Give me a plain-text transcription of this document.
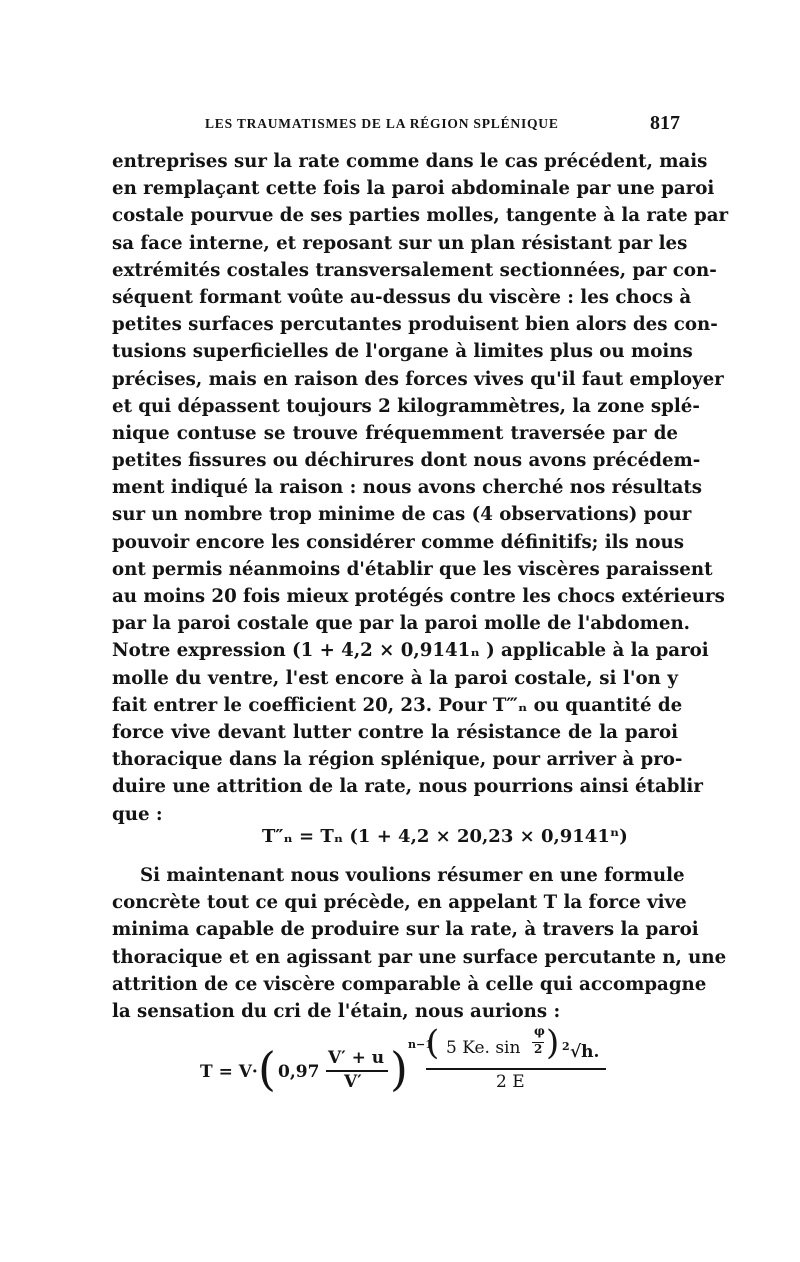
LES TRAUMATISMES DE LA RÉGION SPLÉNIQUE	817
entreprises sur la rate comme dans le cas précédent, mais
en remplaçant cette fois la paroi abdominale par une paroi
costale pourvue de ses parties molles, tangente à la rate par
sa face interne, et reposant sur un plan résistant par les
extrémités costales transversalement sectionnées, par con-
séquent formant voûte au-dessus du viscère : les chocs à
petites surfaces percutantes produisent bien alors des con-
tusions superficielles de l'organe à limites plus ou moins
précises, mais en raison des forces vives qu'il faut employer
et qui dépassent toujours 2 kilogrammètres, la zone splé-
nique contuse se trouve fréquemment traversée par de
petites fissures ou déchirures dont nous avons précédem-
ment indiqué la raison : nous avons cherché nos résultats
sur un nombre trop minime de cas (4 observations) pour
pouvoir encore les considérer comme définitifs; ils nous
ont permis néanmoins d'établir que les viscères paraissent
au moins 20 fois mieux protégés contre les chocs extérieurs
par la paroi costale que par la paroi molle de l'abdomen.
Notre expression (1 + 4,2 × 0,9141ₙ ) applicable à la paroi
molle du ventre, l'est encore à la paroi costale, si l'on y
fait entrer le coefficient 20, 23. Pour T‴ₙ ou quantité de
force vive devant lutter contre la résistance de la paroi
thoracique dans la région splénique, pour arriver à pro-
duire une attrition de la rate, nous pourrions ainsi établir
que :
T″ₙ = Tₙ (1 + 4,2 × 20,23 × 0,9141ⁿ)
Si maintenant nous voulions résumer en une formule
concrète tout ce qui précède, en appelant T la force vive
minima capable de produire sur la rate, à travers la paroi
thoracique et en agissant par une surface percutante n, une
attrition de ce viscère comparable à celle qui accompagne
la sensation du cri de l'étain, nous aurions :
T = V· ( 0,97
V′ + u
V′ ) n−1
( 5 Ke. sin
φ
2 ) 2 √h.
2 E
